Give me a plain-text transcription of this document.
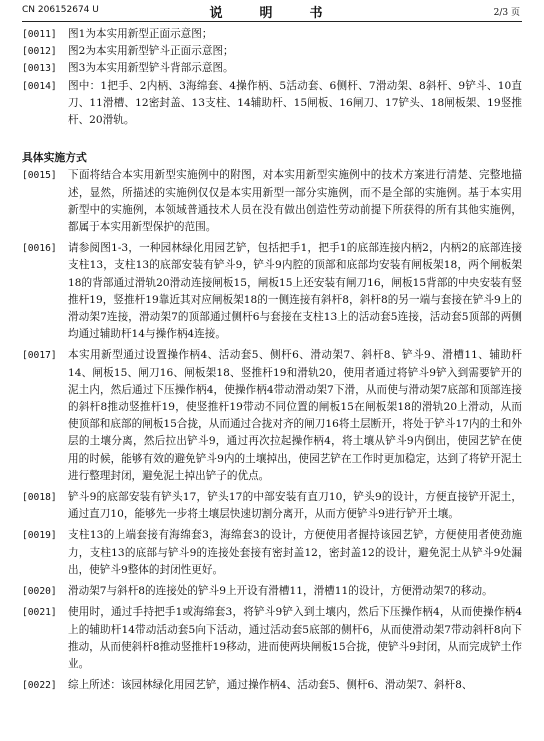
CN 206152674 U	说　明　书	2/3 页

[0011] 图1为本实用新型正面示意图；

[0012] 图2为本实用新型铲斗正面示意图；

[0013] 图3为本实用新型铲斗背部示意图。

[0014] 图中：1把手、2内柄、3海绵套、4操作柄、5活动套、6侧杆、7滑动架、8斜杆、9铲斗、10直刀、11滑槽、12密封盖、13支柱、14辅助杆、15闸板、16闸刀、17铲头、18闸板架、19竖推杆、20滑轨。

具体实施方式

[0015] 下面将结合本实用新型实施例中的附图，对本实用新型实施例中的技术方案进行清楚、完整地描述，显然，所描述的实施例仅仅是本实用新型一部分实施例，而不是全部的实施例。基于本实用新型中的实施例，本领域普通技术人员在没有做出创造性劳动前提下所获得的所有其他实施例，都属于本实用新型保护的范围。

[0016] 请参阅图1-3，一种园林绿化用园艺铲，包括把手1，把手1的底部连接内柄2，内柄2的底部连接支柱13，支柱13的底部安装有铲斗9，铲斗9内腔的顶部和底部均安装有闸板架18，两个闸板架18的背部通过滑轨20滑动连接闸板15，闸板15上还安装有闸刀16，闸板15背部的中央安装有竖推杆19，竖推杆19靠近其对应闸板架18的一侧连接有斜杆8，斜杆8的另一端与套接在铲斗9上的滑动架7连接，滑动架7的顶部通过侧杆6与套接在支柱13上的活动套5连接，活动套5顶部的两侧均通过辅助杆14与操作柄4连接。

[0017] 本实用新型通过设置操作柄4、活动套5、侧杆6、滑动架7、斜杆8、铲斗9、滑槽11、辅助杆14、闸板15、闸刀16、闸板架18、竖推杆19和滑轨20，使用者通过将铲斗9铲入到需要铲开的泥土内，然后通过下压操作柄4，使操作柄4带动滑动架7下滑，从而使与滑动架7底部和顶部连接的斜杆8推动竖推杆19，使竖推杆19带动不同位置的闸板15在闸板架18的滑轨20上滑动，从而使顶部和底部的闸板15合拢，从而通过合拢对齐的闸刀16将土层断开，将处于铲斗17内的土和外层的土壤分离，然后拉出铲斗9，通过再次拉起操作柄4，将土壤从铲斗9内倒出，使园艺铲在使用的时候，能够有效的避免铲斗9内的土壤掉出，使园艺铲在工作时更加稳定，达到了将铲开泥土进行整理封闭，避免泥土掉出铲子的优点。

[0018] 铲斗9的底部安装有铲头17，铲头17的中部安装有直刀10，铲头9的设计，方便直接铲开泥土，通过直刀10，能够先一步将土壤层快速切割分离开，从而方便铲斗9进行铲开土壤。

[0019] 支柱13的上端套接有海绵套3，海绵套3的设计，方便使用者握持该园艺铲，方便使用者使劲施力，支柱13的底部与铲斗9的连接处套接有密封盖12，密封盖12的设计，避免泥土从铲斗9处漏出，使铲斗9整体的封闭性更好。

[0020] 滑动架7与斜杆8的连接处的铲斗9上开设有滑槽11，滑槽11的设计，方便滑动架7的移动。

[0021] 使用时，通过手持把手1或海绵套3，将铲斗9铲入到土壤内，然后下压操作柄4，从而使操作柄4上的辅助杆14带动活动套5向下活动，通过活动套5底部的侧杆6，从而使滑动架7带动斜杆8向下推动，从而使斜杆8推动竖推杆19移动，进而使两块闸板15合拢，使铲斗9封闭，从而完成铲土作业。

[0022] 综上所述：该园林绿化用园艺铲，通过操作柄4、活动套5、侧杆6、滑动架7、斜杆8、
